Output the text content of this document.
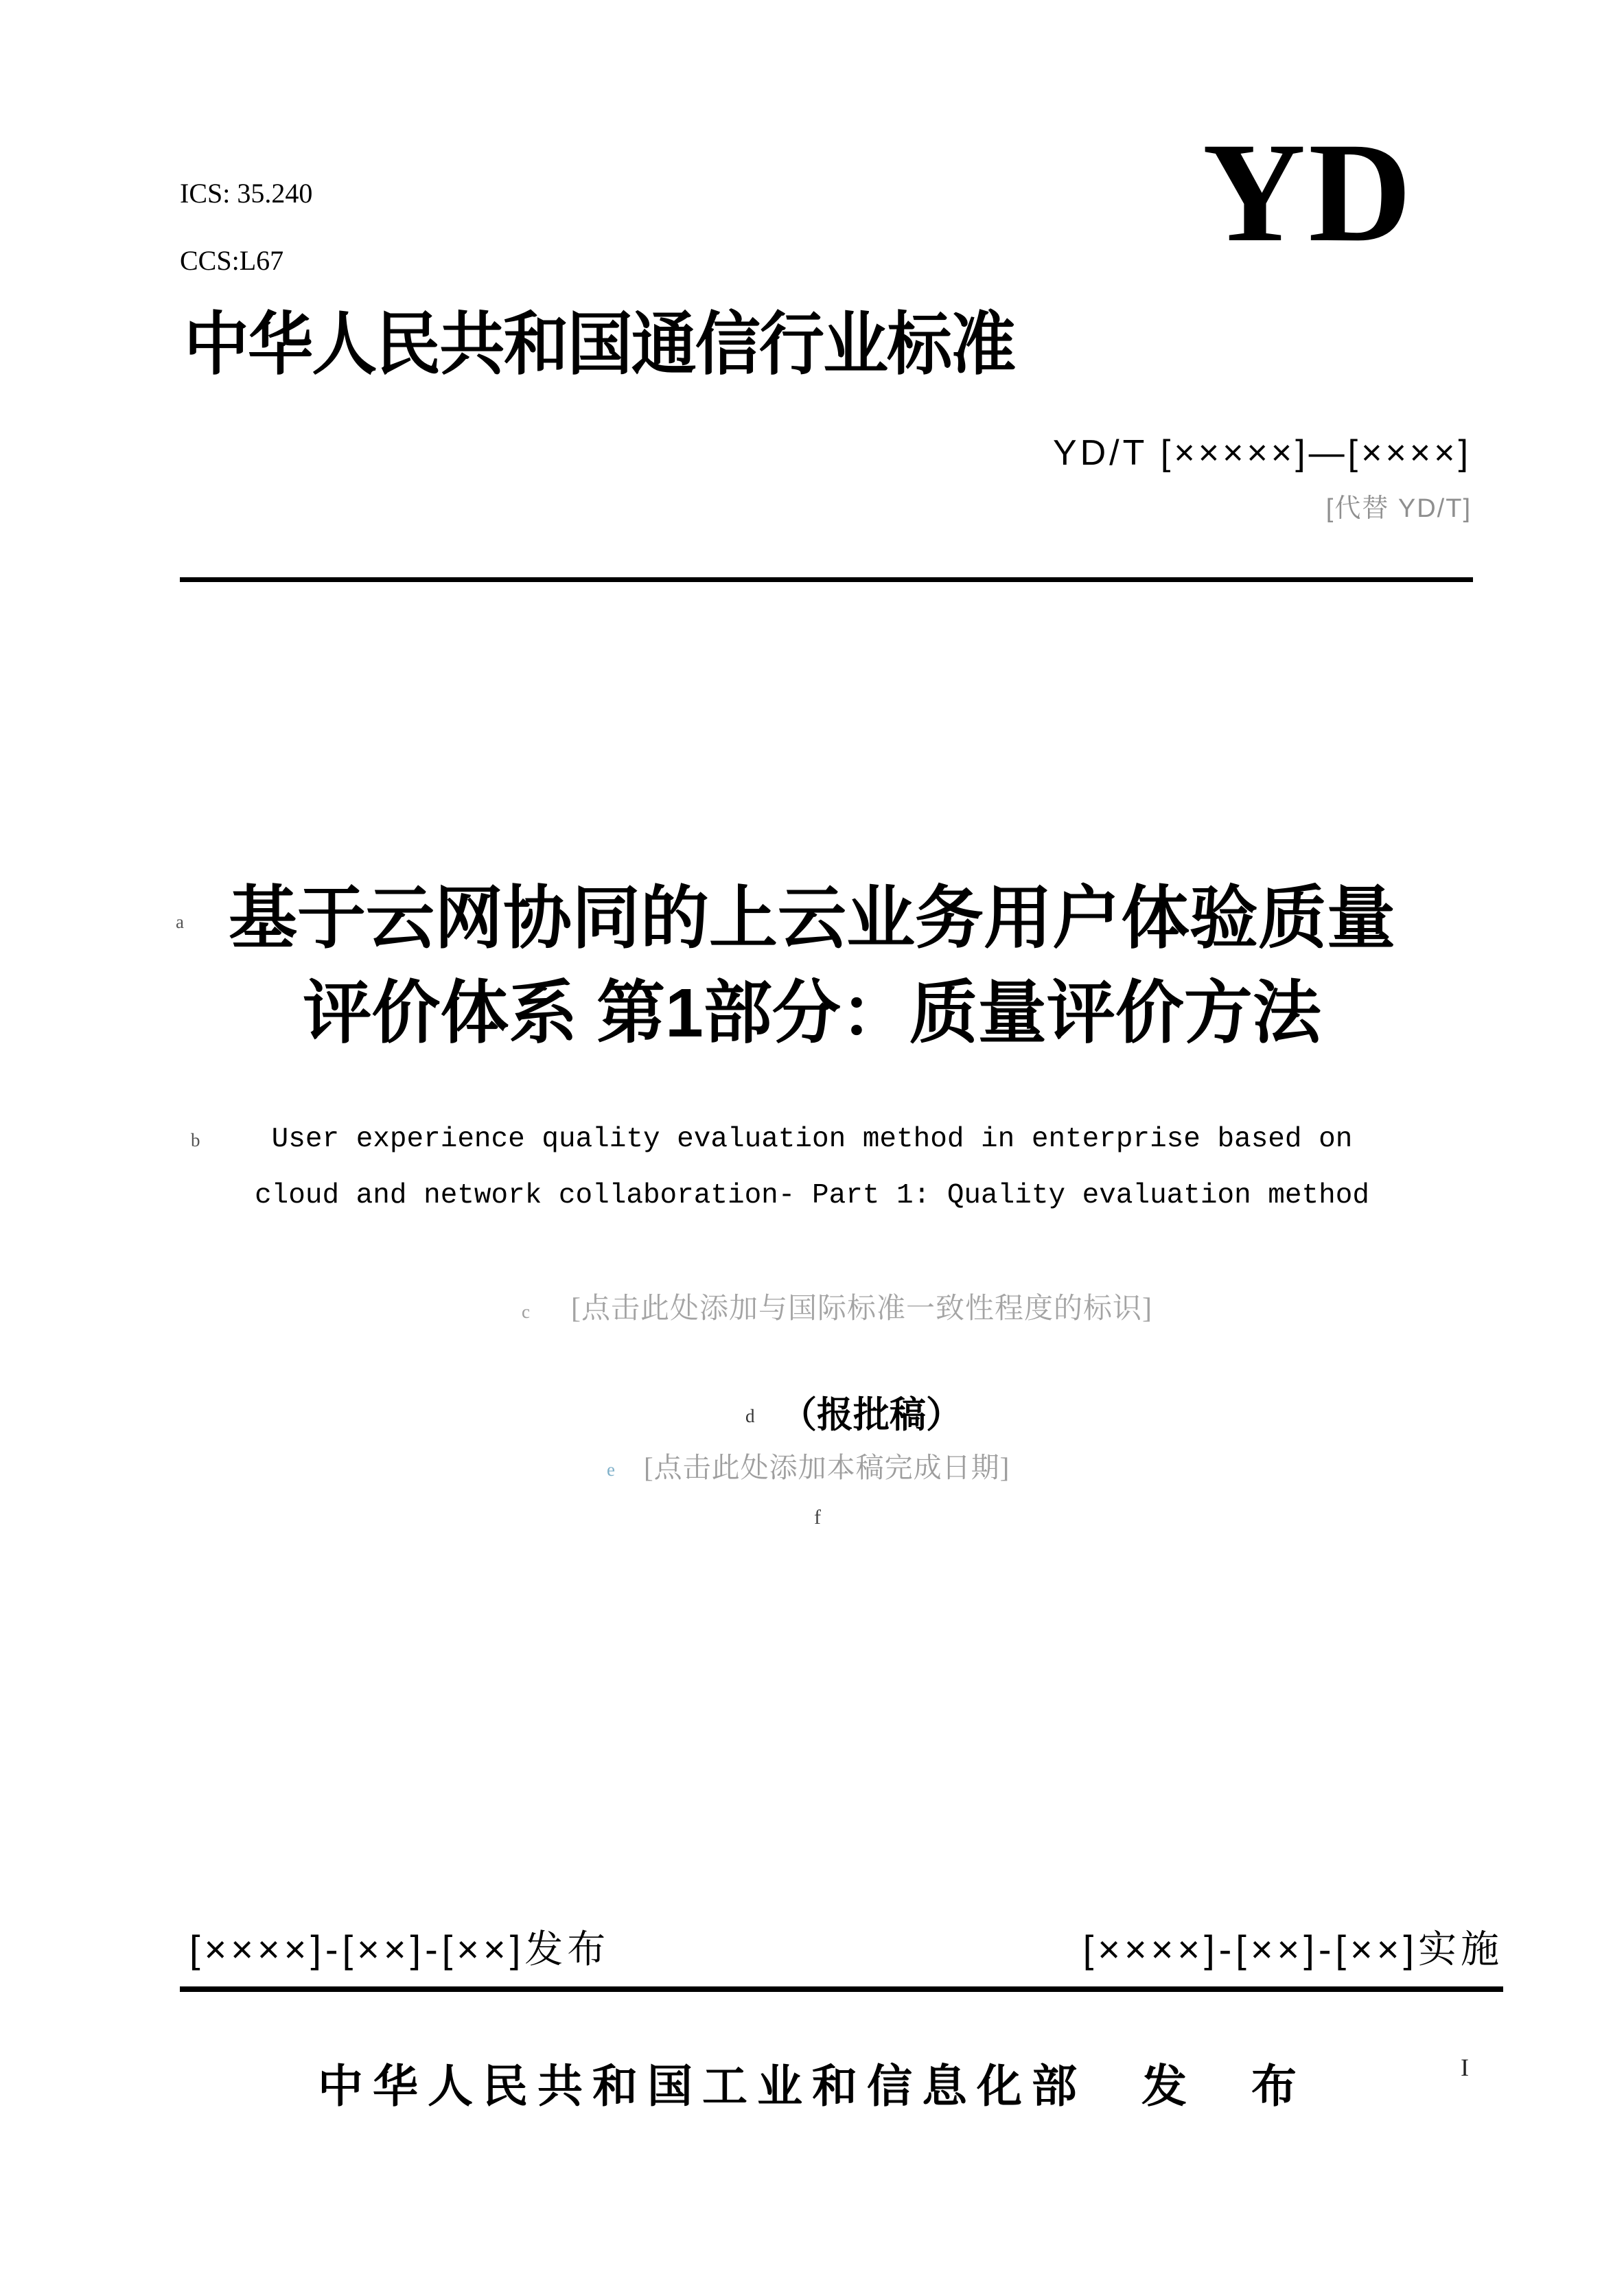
ICS: 35.240
CCS:L67	YD
中华人民共和国通信行业标准
YD/T [×××××]—[××××]
[代替 YD/T]
a 基于云网协同的上云业务用户体验质量
评价体系 第1部分：质量评价方法
b	User experience quality evaluation method in enterprise based on
cloud and network collaboration- Part 1: Quality evaluation method
c [点击此处添加与国际标准一致性程度的标识]
d （报批稿）
e [点击此处添加本稿完成日期]
f
[××××]-[××]-[××]发布	[××××]-[××]-[××]实施
中华人民共和国工业和信息化部　发　布	I
